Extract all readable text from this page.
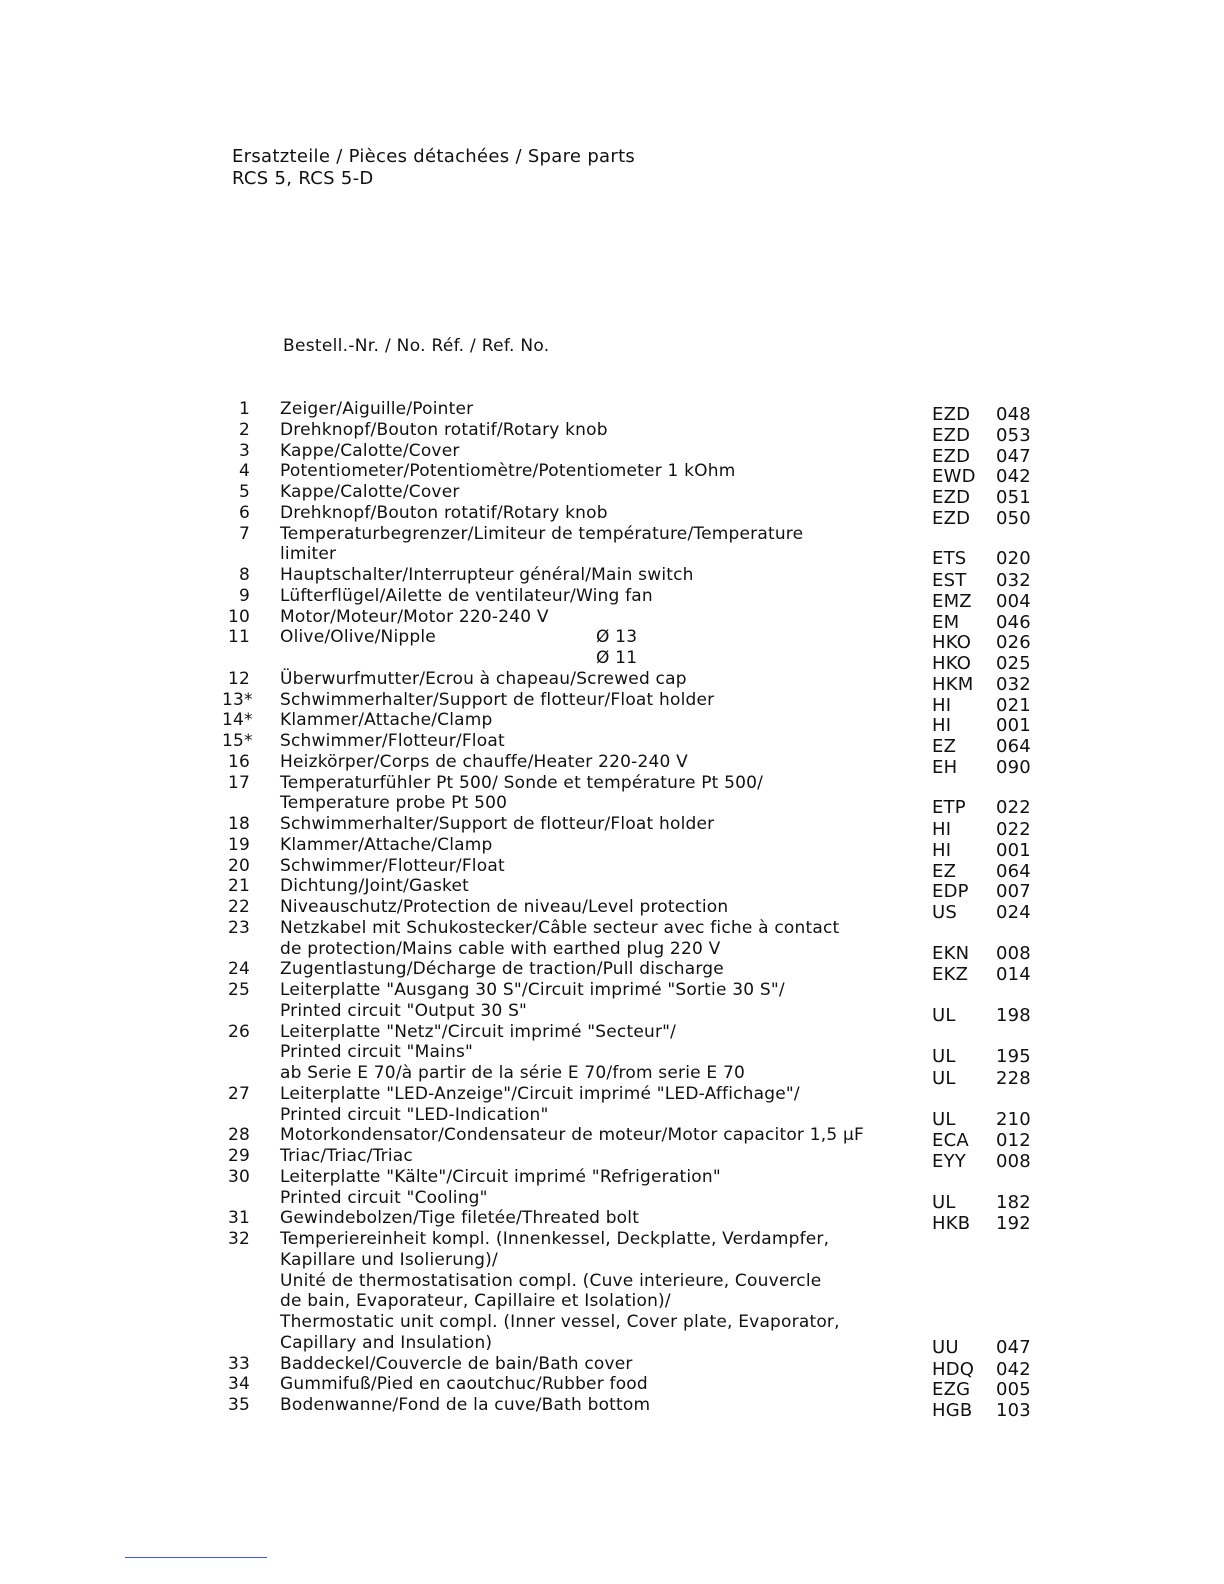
Ersatzteile / Pièces détachées / Spare parts
RCS 5, RCS 5-D
Bestell.-Nr. / No. Réf. / Ref. No.
1 Zeiger/Aiguille/Pointer	EZD	048
2 Drehknopf/Bouton rotatif/Rotary knob	EZD	053
3 Kappe/Calotte/Cover	EZD	047
4 Potentiometer/Potentiomètre/Potentiometer 1 kOhm	EWD	042
5 Kappe/Calotte/Cover	EZD	051
6 Drehknopf/Bouton rotatif/Rotary knob	EZD	050
7 Temperaturbegrenzer/Limiteur de température/Temperature
limiter	ETS	020
8 Hauptschalter/Interrupteur général/Main switch	EST	032
9 Lüfterflügel/Ailette de ventilateur/Wing fan	EMZ	004
10 Motor/Moteur/Motor 220-240 V	EM	046
11 Olive/Olive/Nipple	Ø 13	HKO	026
Ø 11	HKO	025
12 Überwurfmutter/Ecrou à chapeau/Screwed cap	HKM	032
13* Schwimmerhalter/Support de flotteur/Float holder	HI	021
14* Klammer/Attache/Clamp	HI	001
15* Schwimmer/Flotteur/Float	EZ	064
16 Heizkörper/Corps de chauffe/Heater 220-240 V	EH	090
17 Temperaturfühler Pt 500/ Sonde et température Pt 500/
Temperature probe Pt 500	ETP	022
18 Schwimmerhalter/Support de flotteur/Float holder	HI	022
19 Klammer/Attache/Clamp	HI	001
20 Schwimmer/Flotteur/Float	EZ	064
21 Dichtung/Joint/Gasket	EDP	007
22 Niveauschutz/Protection de niveau/Level protection	US	024
23 Netzkabel mit Schukostecker/Câble secteur avec fiche à contact
de protection/Mains cable with earthed plug 220 V	EKN	008
24 Zugentlastung/Décharge de traction/Pull discharge	EKZ	014
25 Leiterplatte "Ausgang 30 S"/Circuit imprimé "Sortie 30 S"/
Printed circuit "Output 30 S"	UL	198
26 Leiterplatte "Netz"/Circuit imprimé "Secteur"/
Printed circuit "Mains"	UL	195
ab Serie E 70/à partir de la série E 70/from serie E 70	UL	228
27 Leiterplatte "LED-Anzeige"/Circuit imprimé "LED-Affichage"/
Printed circuit "LED-Indication"	UL	210
28 Motorkondensator/Condensateur de moteur/Motor capacitor 1,5 µF	ECA	012
29 Triac/Triac/Triac	EYY	008
30 Leiterplatte "Kälte"/Circuit imprimé "Refrigeration"
Printed circuit "Cooling"	UL	182
31 Gewindebolzen/Tige filetée/Threated bolt	HKB	192
32 Temperiereinheit kompl. (Innenkessel, Deckplatte, Verdampfer,
Kapillare und Isolierung)/
Unité de thermostatisation compl. (Cuve interieure, Couvercle
de bain, Evaporateur, Capillaire et Isolation)/
Thermostatic unit compl. (Inner vessel, Cover plate, Evaporator,
Capillary and Insulation)	UU	047
33 Baddeckel/Couvercle de bain/Bath cover	HDQ	042
34 Gummifuß/Pied en caoutchuc/Rubber food	EZG	005
35 Bodenwanne/Fond de la cuve/Bath bottom	HGB	103
